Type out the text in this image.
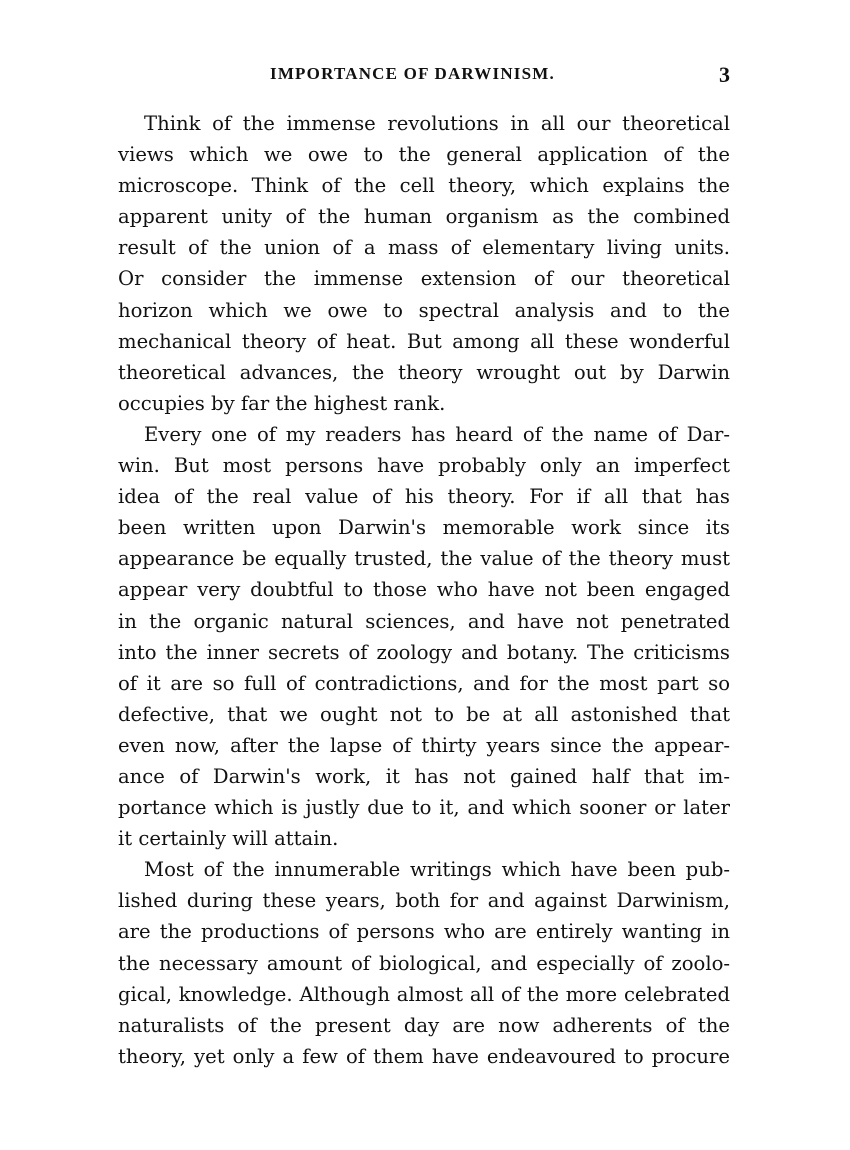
IMPORTANCE OF DARWINISM.	3
Think of the immense revolutions in all our theoretical
views which we owe to the general application of the
microscope. Think of the cell theory, which explains the
apparent unity of the human organism as the combined
result of the union of a mass of elementary living units.
Or consider the immense extension of our theoretical
horizon which we owe to spectral analysis and to the
mechanical theory of heat. But among all these wonderful
theoretical advances, the theory wrought out by Darwin
occupies by far the highest rank.
Every one of my readers has heard of the name of Dar-
win. But most persons have probably only an imperfect
idea of the real value of his theory. For if all that has
been written upon Darwin's memorable work since its
appearance be equally trusted, the value of the theory must
appear very doubtful to those who have not been engaged
in the organic natural sciences, and have not penetrated
into the inner secrets of zoology and botany. The criticisms
of it are so full of contradictions, and for the most part so
defective, that we ought not to be at all astonished that
even now, after the lapse of thirty years since the appear-
ance of Darwin's work, it has not gained half that im-
portance which is justly due to it, and which sooner or later
it certainly will attain.
Most of the innumerable writings which have been pub-
lished during these years, both for and against Darwinism,
are the productions of persons who are entirely wanting in
the necessary amount of biological, and especially of zoolo-
gical, knowledge. Although almost all of the more celebrated
naturalists of the present day are now adherents of the
theory, yet only a few of them have endeavoured to procure
